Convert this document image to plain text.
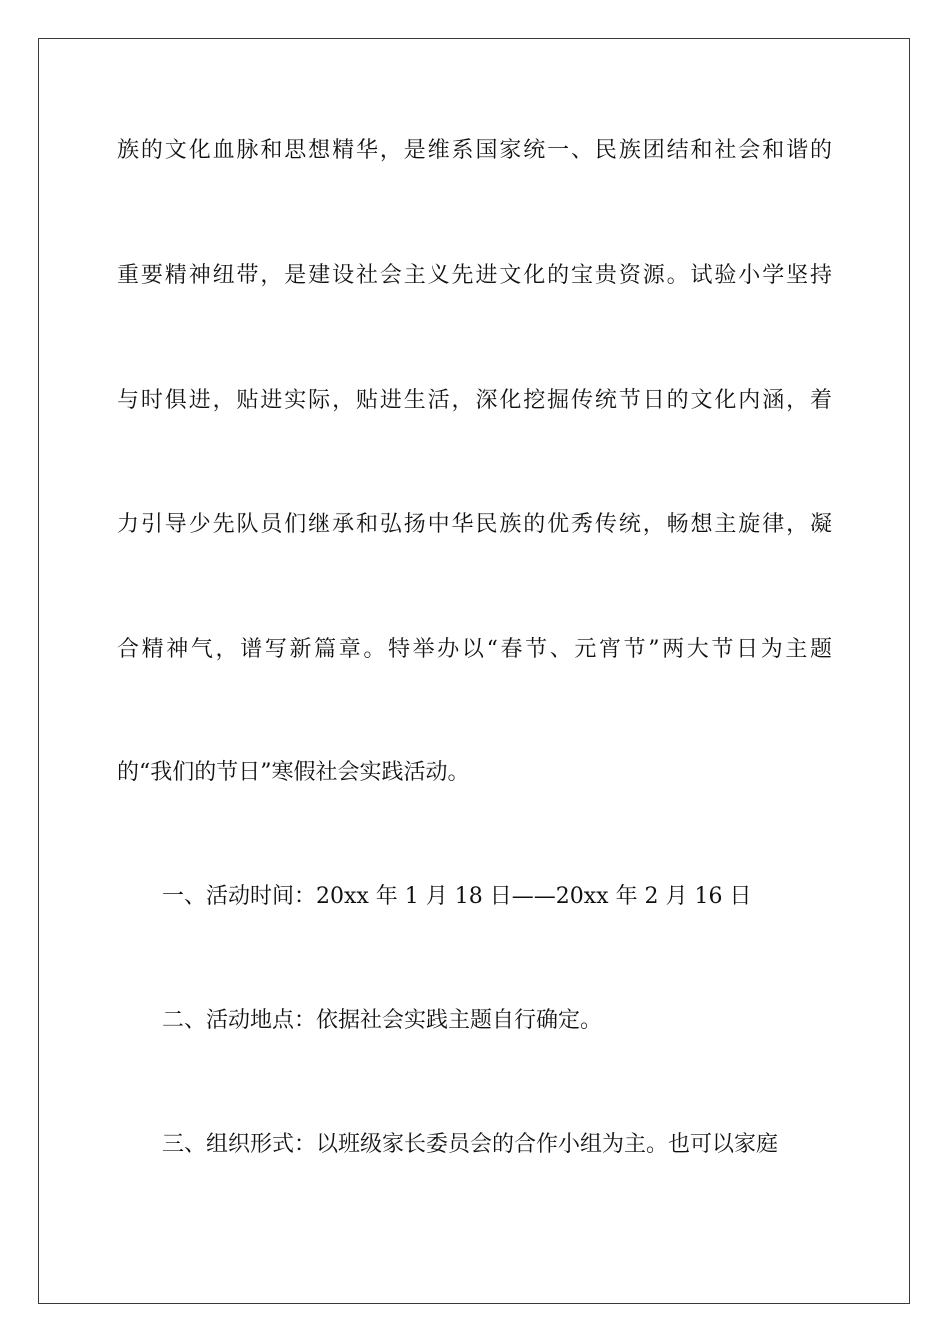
族的文化血脉和思想精华，是维系国家统一、民族团结和社会和谐的
重要精神纽带，是建设社会主义先进文化的宝贵资源。试验小学坚持
与时俱进，贴进实际，贴进生活，深化挖掘传统节日的文化内涵，着
力引导少先队员们继承和弘扬中华民族的优秀传统，畅想主旋律，凝
合精神气，谱写新篇章。特举办以“春节、元宵节”两大节日为主题
的“我们的节日”寒假社会实践活动。
一、活动时间：20xx 年 1 月 18 日——20xx 年 2 月 16 日
二、活动地点：依据社会实践主题自行确定。
三、组织形式：以班级家长委员会的合作小组为主。也可以家庭
